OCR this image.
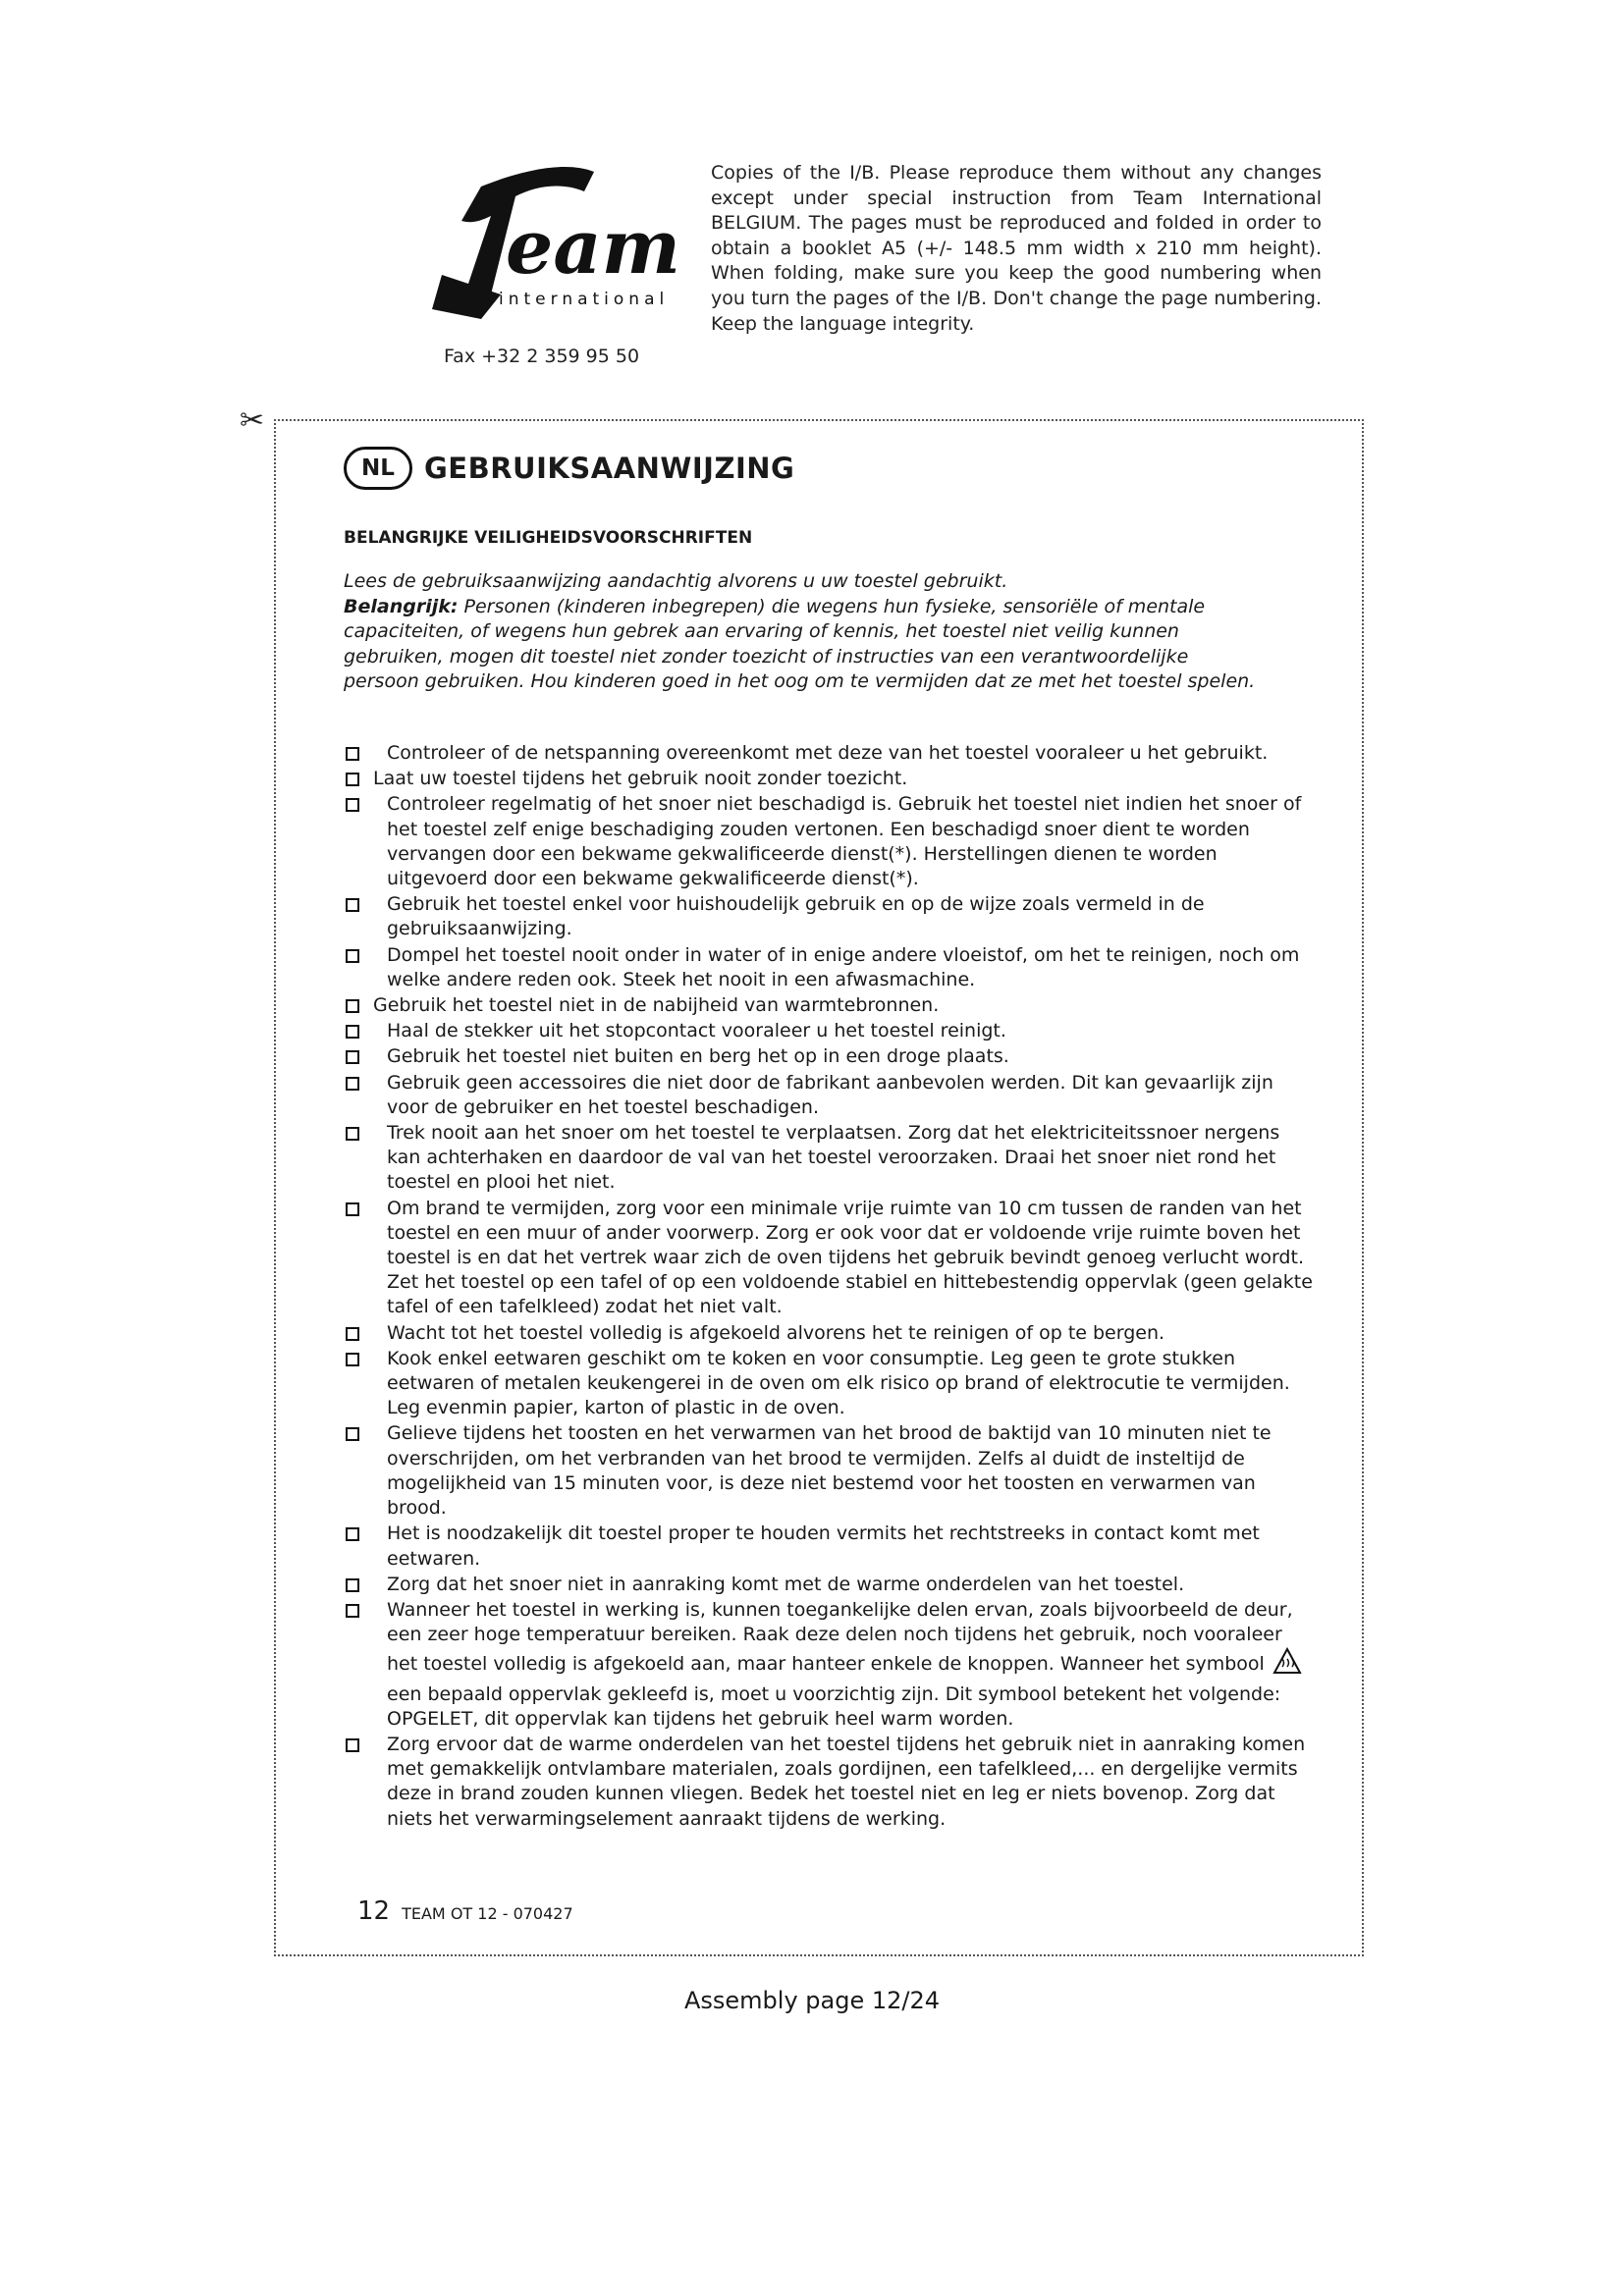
eam
international
Fax +32 2 359 95 50
Copies of the I/B. Please reproduce them without any changes except under special instruction from Team International BELGIUM. The pages must be reproduced and folded in order to obtain a booklet A5 (+/- 148.5 mm width x 210 mm height). When folding, make sure you keep the good numbering when you turn the pages of the I/B. Don't change the page numbering. Keep the language integrity.
✂
NL	GEBRUIKSAANWIJZING
BELANGRIJKE VEILIGHEIDSVOORSCHRIFTEN
Lees de gebruiksaanwijzing aandachtig alvorens u uw toestel gebruikt.
Belangrijk: Personen (kinderen inbegrepen) die wegens hun fysieke, sensoriële of mentale capaciteiten, of wegens hun gebrek aan ervaring of kennis, het toestel niet veilig kunnen gebruiken, mogen dit toestel niet zonder toezicht of instructies van een verantwoordelijke persoon gebruiken. Hou kinderen goed in het oog om te vermijden dat ze met het toestel spelen.
Controleer of de netspanning overeenkomt met deze van het toestel vooraleer u het gebruikt.
Laat uw toestel tijdens het gebruik nooit zonder toezicht.
Controleer regelmatig of het snoer niet beschadigd is. Gebruik het toestel niet indien het snoer of het toestel zelf enige beschadiging zouden vertonen. Een beschadigd snoer dient te worden vervangen door een bekwame gekwalificeerde dienst(*). Herstellingen dienen te worden uitgevoerd door een bekwame gekwalificeerde dienst(*).
Gebruik het toestel enkel voor huishoudelijk gebruik en op de wijze zoals vermeld in de gebruiksaanwijzing.
Dompel het toestel nooit onder in water of in enige andere vloeistof, om het te reinigen, noch om welke andere reden ook. Steek het nooit in een afwasmachine.
Gebruik het toestel niet in de nabijheid van warmtebronnen.
Haal de stekker uit het stopcontact vooraleer u het toestel reinigt.
Gebruik het toestel niet buiten en berg het op in een droge plaats.
Gebruik geen accessoires die niet door de fabrikant aanbevolen werden. Dit kan gevaarlijk zijn voor de gebruiker en het toestel beschadigen.
Trek nooit aan het snoer om het toestel te verplaatsen. Zorg dat het elektriciteitssnoer nergens kan achterhaken en daardoor de val van het toestel veroorzaken. Draai het snoer niet rond het toestel en plooi het niet.
Om brand te vermijden, zorg voor een minimale vrije ruimte van 10 cm tussen de randen van het toestel en een muur of ander voorwerp. Zorg er ook voor dat er voldoende vrije ruimte boven het toestel is en dat het vertrek waar zich de oven tijdens het gebruik bevindt genoeg verlucht wordt. Zet het toestel op een tafel of op een voldoende stabiel en hittebestendig oppervlak (geen gelakte tafel of een tafelkleed) zodat het niet valt.
Wacht tot het toestel volledig is afgekoeld alvorens het te reinigen of op te bergen.
Kook enkel eetwaren geschikt om te koken en voor consumptie. Leg geen te grote stukken eetwaren of metalen keukengerei in de oven om elk risico op brand of elektrocutie te vermijden. Leg evenmin papier, karton of plastic in de oven.
Gelieve tijdens het toosten en het verwarmen van het brood de baktijd van 10 minuten niet te overschrijden, om het verbranden van het brood te vermijden. Zelfs al duidt de insteltijd de mogelijkheid van 15 minuten voor, is deze niet bestemd voor het toosten en verwarmen van brood.
Het is noodzakelijk dit toestel proper te houden vermits het rechtstreeks in contact komt met eetwaren.
Zorg dat het snoer niet in aanraking komt met de warme onderdelen van het toestel.
Wanneer het toestel in werking is, kunnen toegankelijke delen ervan, zoals bijvoorbeeld de deur, een zeer hoge temperatuur bereiken. Raak deze delen noch tijdens het gebruik, noch vooraleer het toestel volledig is afgekoeld aan, maar hanteer enkele de knoppen. Wanneer het symbool  een bepaald oppervlak gekleefd is, moet u voorzichtig zijn. Dit symbool betekent het volgende: OPGELET, dit oppervlak kan tijdens het gebruik heel warm worden.
Zorg ervoor dat de warme onderdelen van het toestel tijdens het gebruik niet in aanraking komen met gemakkelijk ontvlambare materialen, zoals gordijnen, een tafelkleed,... en dergelijke vermits deze in brand zouden kunnen vliegen. Bedek het toestel niet en leg er niets bovenop. Zorg dat niets het verwarmingselement aanraakt tijdens de werking.
12 TEAM OT 12 - 070427
Assembly page 12/24
